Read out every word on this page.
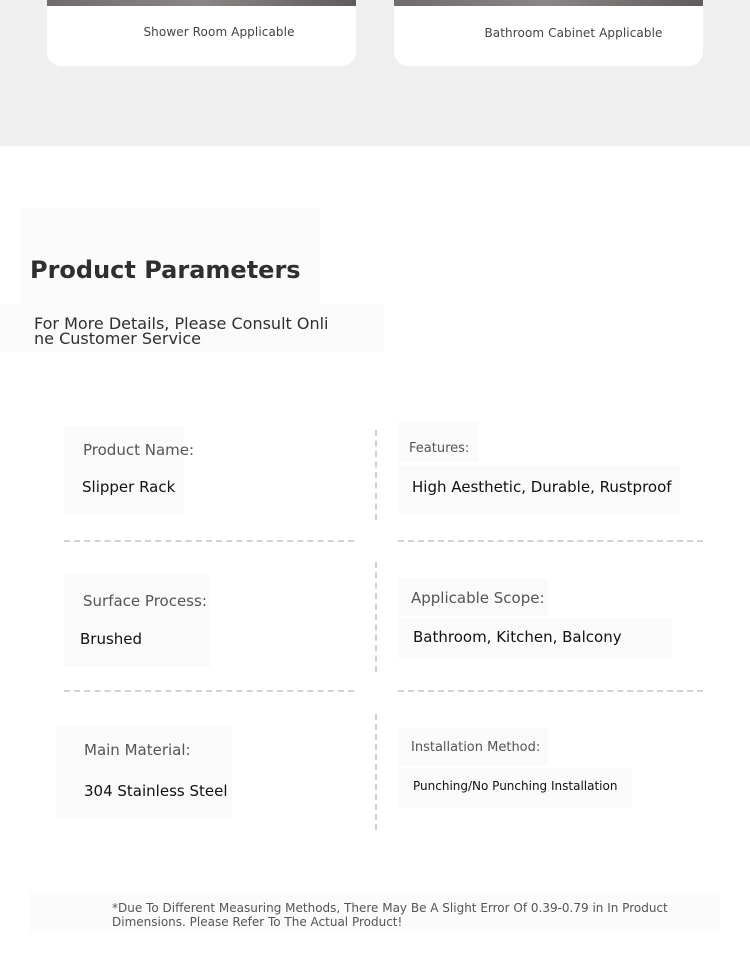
Shower Room Applicable	Bathroom Cabinet Applicable
Product Parameters
For More Details, Please Consult Onli
ne Customer Service
Product Name:
Slipper Rack
Features:
High Aesthetic, Durable, Rustproof
Surface Process:
Brushed
Applicable Scope:
Bathroom, Kitchen, Balcony
Main Material:
304 Stainless Steel
Installation Method:
Punching/No Punching Installation
*Due To Different Measuring Methods, There May Be A Slight Error Of 0.39-0.79 in In Product
Dimensions. Please Refer To The Actual Product!
